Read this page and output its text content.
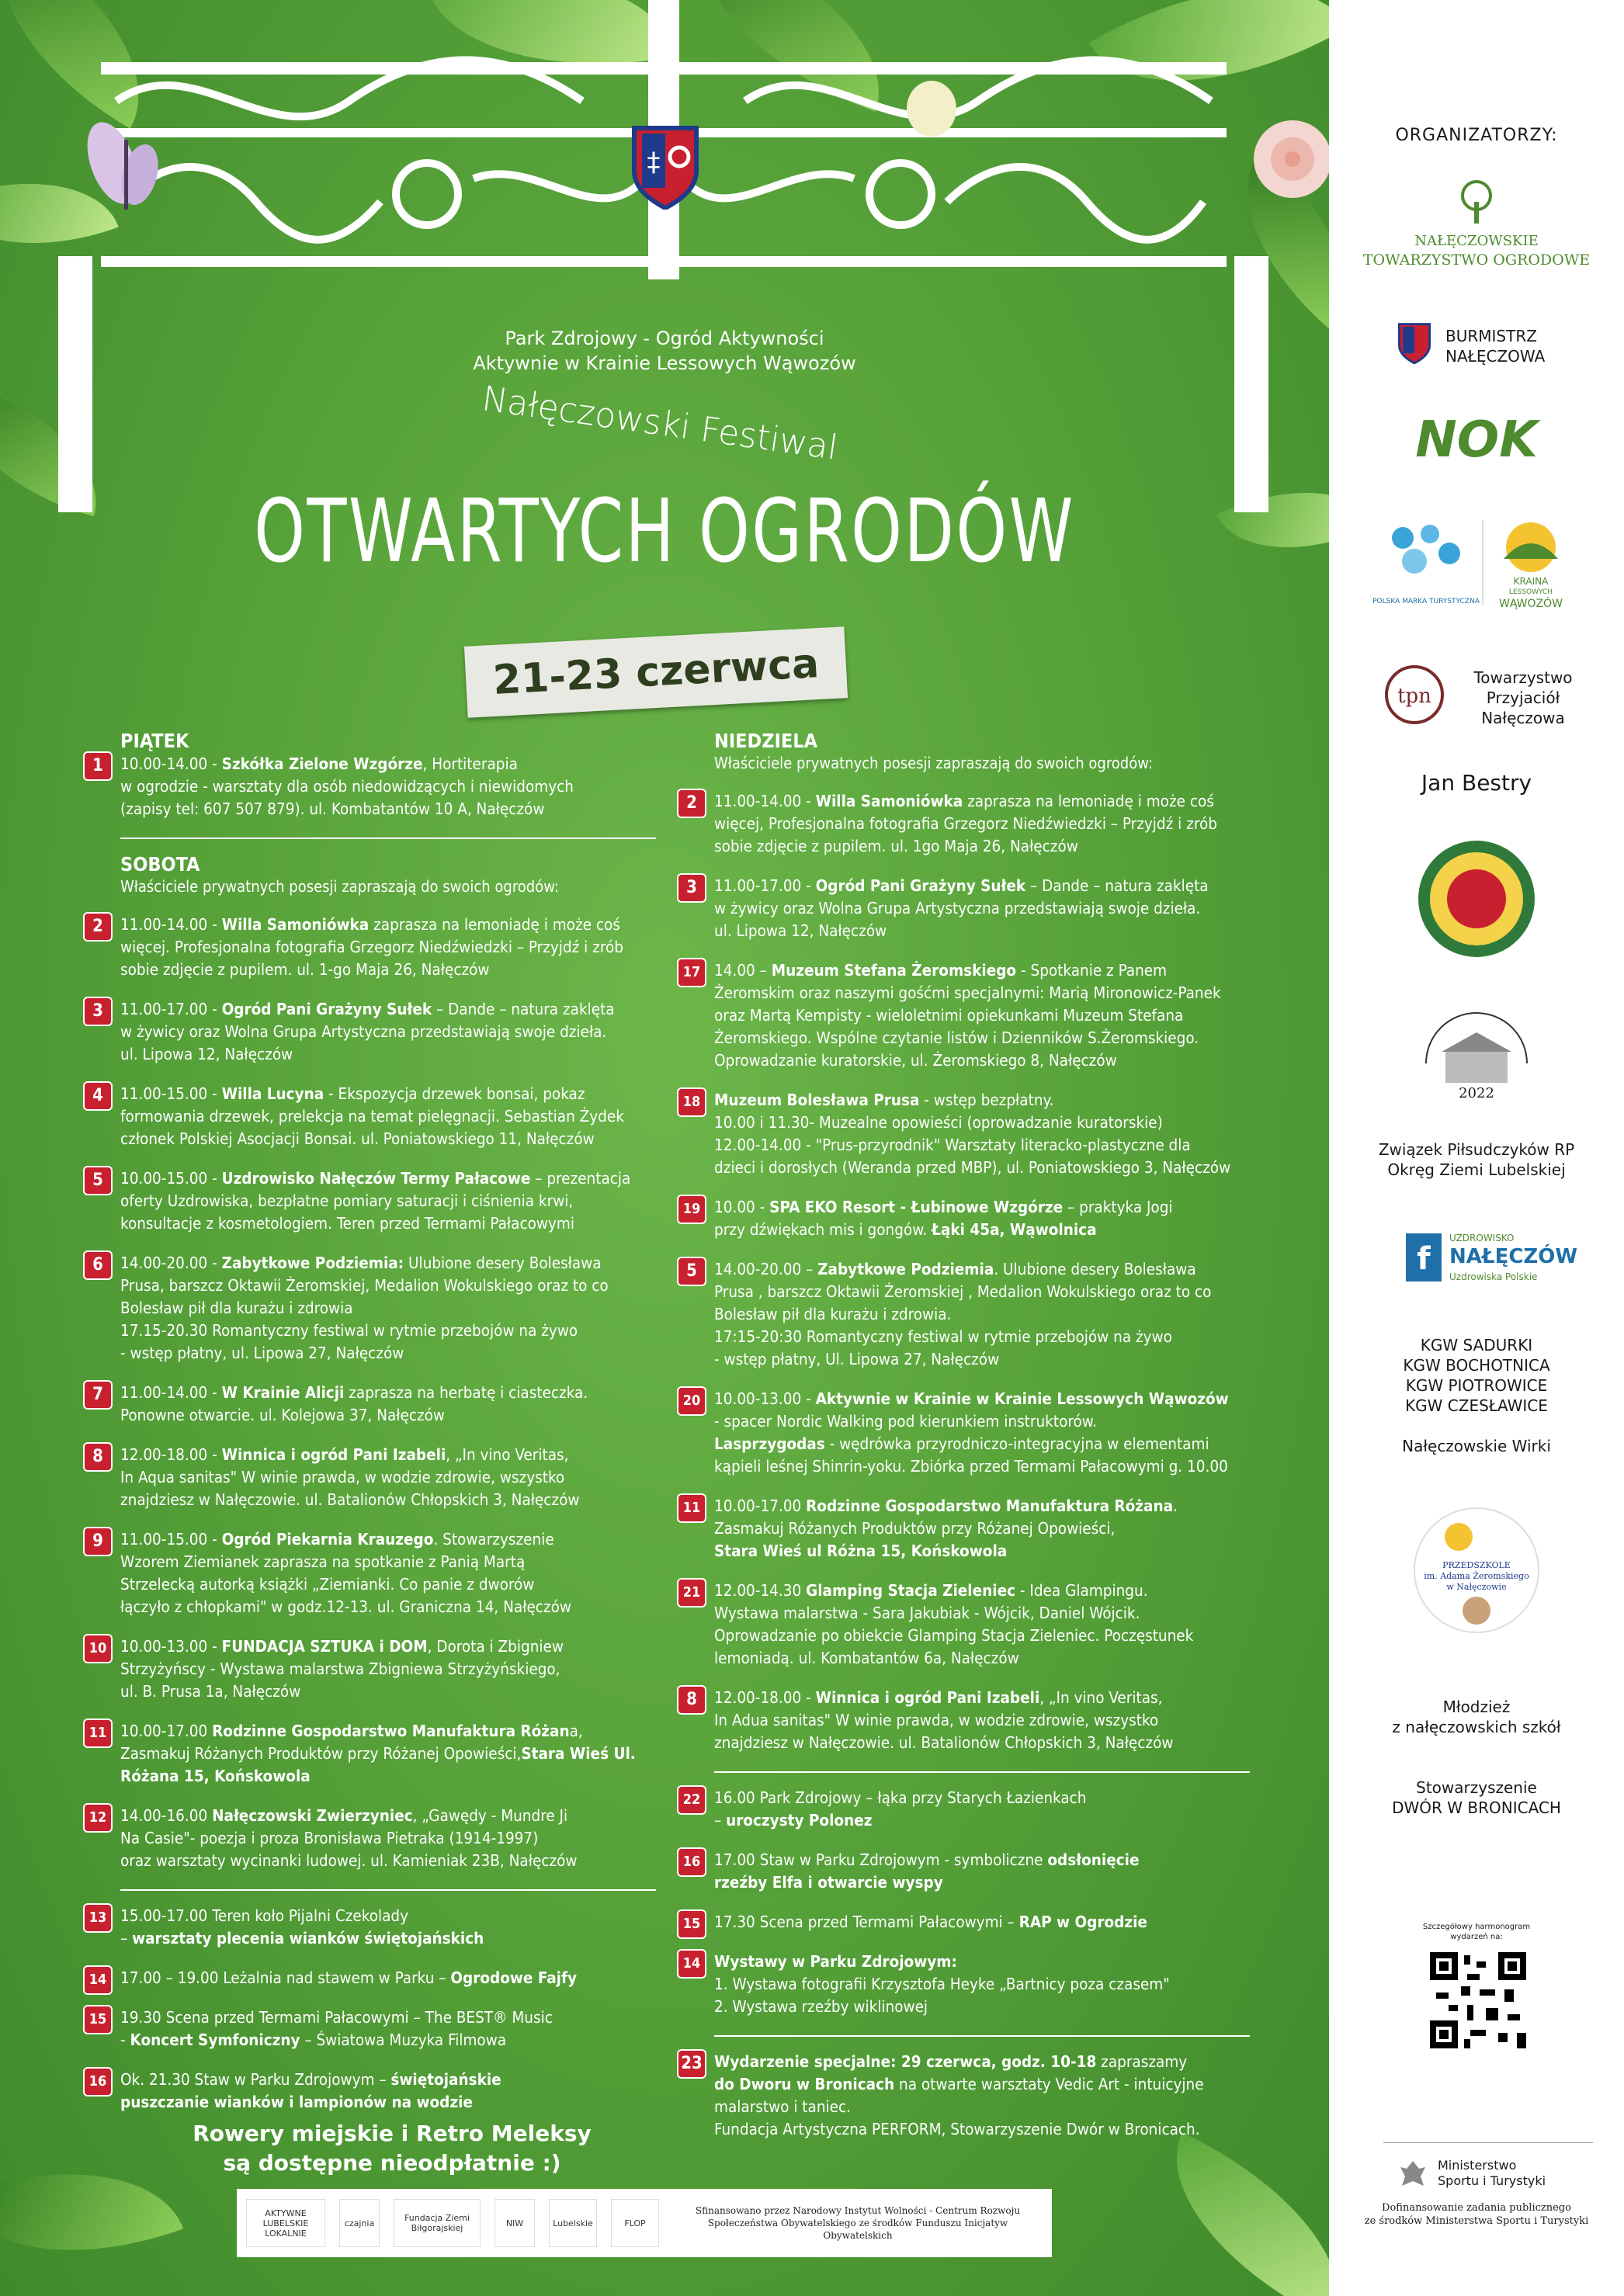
‡
Park Zdrojowy - Ogród Aktywności
Aktywnie w Krainie Lessowych Wąwozów
Nałęczowski Festiwal
OTWARTYCH OGRODÓW
21-23 czerwca

PIĄTEK

1	10.00-14.00 - Szkółka Zielone Wzgórze, Hortiterapia
w ogrodzie - warsztaty dla osób niedowidzących i niewidomych
(zapisy tel: 607 507 879). ul. Kombatantów 10 A, Nałęczów

SOBOTA

Właściciele prywatnych posesji zapraszają do swoich ogrodów:

2	11.00-14.00 - Willa Samoniówka zaprasza na lemoniadę i może coś
więcej. Profesjonalna fotografia Grzegorz Niedźwiedzki – Przyjdź i zrób
sobie zdjęcie z pupilem. ul. 1-go Maja 26, Nałęczów
3	11.00-17.00 - Ogród Pani Grażyny Sułek – Dande – natura zaklęta
w żywicy oraz Wolna Grupa Artystyczna przedstawiają swoje dzieła.
ul. Lipowa 12, Nałęczów
4	11.00-15.00 - Willa Lucyna - Ekspozycja drzewek bonsai, pokaz
formowania drzewek, prelekcja na temat pielęgnacji. Sebastian Żydek
członek Polskiej Asocjacji Bonsai. ul. Poniatowskiego 11, Nałęczów
5	10.00-15.00 - Uzdrowisko Nałęczów Termy Pałacowe – prezentacja
oferty Uzdrowiska, bezpłatne pomiary saturacji i ciśnienia krwi,
konsultacje z kosmetologiem. Teren przed Termami Pałacowymi
6	14.00-20.00 - Zabytkowe Podziemia: Ulubione desery Bolesława
Prusa, barszcz Oktawii Żeromskiej, Medalion Wokulskiego oraz to co
Bolesław pił dla kurażu i zdrowia
17.15-20.30 Romantyczny festiwal w rytmie przebojów na żywo
- wstęp płatny, ul. Lipowa 27, Nałęczów
7	11.00-14.00 - W Krainie Alicji zaprasza na herbatę i ciasteczka.
Ponowne otwarcie. ul. Kolejowa 37, Nałęczów
8	12.00-18.00 - Winnica i ogród Pani Izabeli, „In vino Veritas,
In Aqua sanitas" W winie prawda, w wodzie zdrowie, wszystko
znajdziesz w Nałęczowie. ul. Batalionów Chłopskich 3, Nałęczów
9	11.00-15.00 - Ogród Piekarnia Krauzego. Stowarzyszenie
Wzorem Ziemianek zaprasza na spotkanie z Panią Martą
Strzelecką autorką książki „Ziemianki. Co panie z dworów
łączyło z chłopkami" w godz.12-13. ul. Graniczna 14, Nałęczów
10 10.00-13.00 - FUNDACJA SZTUKA i DOM, Dorota i Zbigniew
Strzyżyńscy - Wystawa malarstwa Zbigniewa Strzyżyńskiego,
ul. B. Prusa 1a, Nałęczów
11 10.00-17.00 Rodzinne Gospodarstwo Manufaktura Różana,
Zasmakuj Różanych Produktów przy Różanej Opowieści,Stara Wieś Ul. Różana 15, Końskowola
12 14.00-16.00 Nałęczowski Zwierzyniec, „Gawędy - Mundre Ji
Na Casie"- poezja i proza Bronisława Pietraka (1914-1997)
oraz warsztaty wycinanki ludowej. ul. Kamieniak 23B, Nałęczów
13 15.00-17.00 Teren koło Pijalni Czekolady
– warsztaty plecenia wianków świętojańskich
14 17.00 – 19.00 Leżalnia nad stawem w Parku – Ogrodowe Fajfy
15 19.30 Scena przed Termami Pałacowymi – The BEST® Music
- Koncert Symfoniczny – Światowa Muzyka Filmowa
16 Ok. 21.30 Staw w Parku Zdrojowym – świętojańskie
puszczanie wianków i lampionów na wodzie
Rowery miejskie i Retro Meleksy
są dostępne nieodpłatnie :)

NIEDZIELA

Właściciele prywatnych posesji zapraszają do swoich ogrodów:

2	11.00-14.00 - Willa Samoniówka zaprasza na lemoniadę i może coś
więcej, Profesjonalna fotografia Grzegorz Niedźwiedzki – Przyjdź i zrób
sobie zdjęcie z pupilem. ul. 1go Maja 26, Nałęczów
3	11.00-17.00 - Ogród Pani Grażyny Sułek – Dande – natura zaklęta
w żywicy oraz Wolna Grupa Artystyczna przedstawiają swoje dzieła.
ul. Lipowa 12, Nałęczów
17 14.00 – Muzeum Stefana Żeromskiego - Spotkanie z Panem
Żeromskim oraz naszymi gośćmi specjalnymi: Marią Mironowicz-Panek
oraz Martą Kempisty - wieloletnimi opiekunkami Muzeum Stefana
Żeromskiego. Wspólne czytanie listów i Dzienników S.Żeromskiego.
Oprowadzanie kuratorskie, ul. Żeromskiego 8, Nałęczów
18 Muzeum Bolesława Prusa - wstęp bezpłatny.
10.00 i 11.30- Muzealne opowieści (oprowadzanie kuratorskie)
12.00-14.00 - "Prus-przyrodnik" Warsztaty literacko-plastyczne dla
dzieci i dorosłych (Weranda przed MBP), ul. Poniatowskiego 3, Nałęczów
19 10.00 - SPA EKO Resort - Łubinowe Wzgórze – praktyka Jogi
przy dźwiękach mis i gongów. Łąki 45a, Wąwolnica
5	14.00-20.00 – Zabytkowe Podziemia. Ulubione desery Bolesława
Prusa , barszcz Oktawii Żeromskiej , Medalion Wokulskiego oraz to co
Bolesław pił dla kurażu i zdrowia.
17:15-20:30 Romantyczny festiwal w rytmie przebojów na żywo
- wstęp płatny, Ul. Lipowa 27, Nałęczów
20 10.00-13.00 - Aktywnie w Krainie w Krainie Lessowych Wąwozów
- spacer Nordic Walking pod kierunkiem instruktorów.
Lasprzygodas - wędrówka przyrodniczo-integracyjna w elementami
kąpieli leśnej Shinrin-yoku. Zbiórka przed Termami Pałacowymi g. 10.00
11 10.00-17.00 Rodzinne Gospodarstwo Manufaktura Różana.
Zasmakuj Różanych Produktów przy Różanej Opowieści,
Stara Wieś ul Różna 15, Końskowola
21 12.00-14.30 Glamping Stacja Zieleniec - Idea Glampingu.
Wystawa malarstwa - Sara Jakubiak - Wójcik, Daniel Wójcik.
Oprowadzanie po obiekcie Glamping Stacja Zieleniec. Poczęstunek
lemoniadą. ul. Kombatantów 6a, Nałęczów
8	12.00-18.00 - Winnica i ogród Pani Izabeli, „In vino Veritas,
In Adua sanitas" W winie prawda, w wodzie zdrowie, wszystko
znajdziesz w Nałęczowie. ul. Batalionów Chłopskich 3, Nałęczów
22 16.00 Park Zdrojowy – łąka przy Starych Łazienkach
– uroczysty Polonez
16 17.00 Staw w Parku Zdrojowym - symboliczne odsłonięcie
rzeźby Elfa i otwarcie wyspy
15 17.30 Scena przed Termami Pałacowymi – RAP w Ogrodzie
14 Wystawy w Parku Zdrojowym:
1. Wystawa fotografii Krzysztofa Heyke „Bartnicy poza czasem"
2. Wystawa rzeźby wiklinowej
23 Wydarzenie specjalne: 29 czerwca, godz. 10-18 zapraszamy
do Dworu w Bronicach na otwarte warsztaty Vedic Art - intuicyjne
malarstwo i taniec.
Fundacja Artystyczna PERFORM, Stowarzyszenie Dwór w Bronicach.
AKTYWNE LUBELSKIE LOKALNIE
czajnia	Fundacja Ziemi Biłgorajskiej	NIW	Lubelskie	FLOP
Sfinansowano przez Narodowy Instytut Wolności - Centrum Rozwoju
Społeczeństwa Obywatelskiego ze środków Funduszu Inicjatyw Obywatelskich
ORGANIZATORZY:
NAŁĘCZOWSKIE
TOWARZYSTWO OGRODOWE
BURMISTRZ
NAŁĘCZOWA
NOK
POLSKA MARKA TURYSTYCZNA
KRAINA
LESSOWYCH
WĄWOZÓW
tpn
Towarzystwo
Przyjaciół
Nałęczowa
Jan Bestry
1886
2022
Związek Piłsudczyków RP
Okręg Ziemi Lubelskiej
f
UZDROWISKO
NAŁĘCZÓW
Uzdrowiska Polskie
KGW SADURKI
KGW BOCHOTNICA
KGW PIOTROWICE
KGW CZESŁAWICE
Nałęczowskie Wirki
PRZEDSZKOLE
im. Adama Żeromskiego
w Nałęczowie
Młodzież
z nałęczowskich szkół
Stowarzyszenie
DWÓR W BRONICACH
Szczegółowy harmonogram
wydarzeń na:
Ministerstwo
Sportu i Turystyki
Dofinansowanie zadania publicznego
ze środków Ministerstwa Sportu i Turystyki
